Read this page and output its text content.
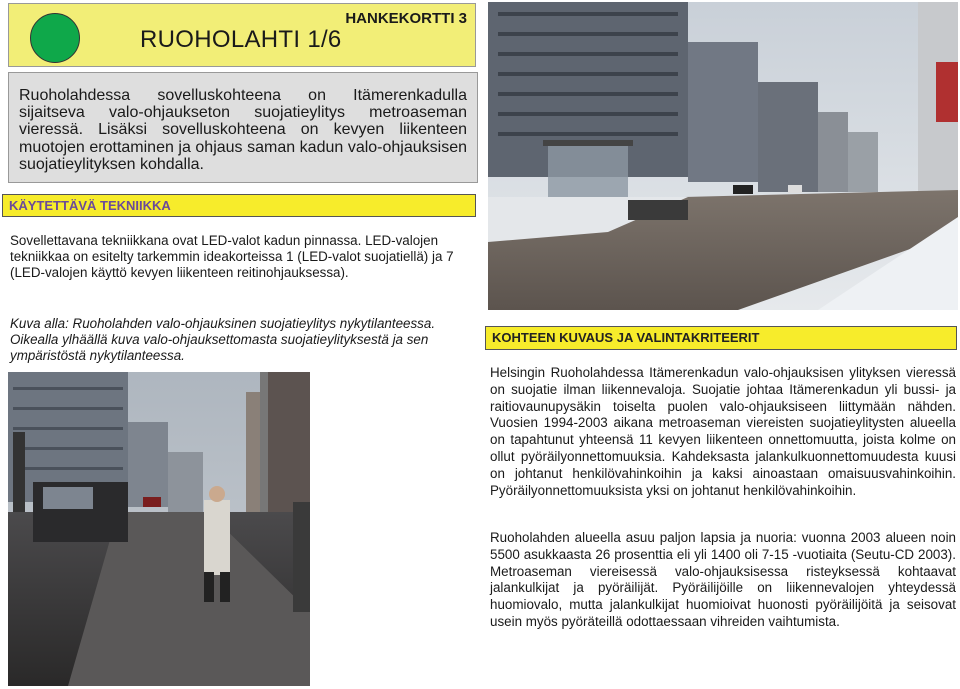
HANKEKORTTI 3
RUOHOLAHTI 1/6
Ruoholahdessa sovelluskohteena on Itämerenkadulla sijaitseva valo-ohjaukseton suojatieylitys metroaseman vieressä. Lisäksi sovelluskohteena on kevyen liikenteen muotojen erottaminen ja ohjaus saman kadun valo-ohjauksisen suojatieylityksen kohdalla.
KÄYTETTÄVÄ TEKNIIKKA
Sovellettavana tekniikkana ovat LED-valot kadun pinnassa. LED-valojen tekniikkaa on esitelty tarkemmin ideakorteissa 1 (LED-valot suojatiellä) ja 7 (LED-valojen käyttö kevyen liikenteen reitinohjauksessa).
Kuva alla: Ruoholahden valo-ohjauksinen suojatieylitys nykytilanteessa. Oikealla ylhäällä kuva valo-ohjauksettomasta suojatieylityksestä ja sen ympäristöstä nykytilanteessa.
KOHTEEN KUVAUS JA VALINTAKRITEERIT
Helsingin Ruoholahdessa Itämerenkadun valo-ohjauksisen ylityksen vieressä on suojatie ilman liikennevaloja. Suojatie johtaa Itämerenkadun yli bussi- ja raitiovaunupysäkin toiselta puolen valo-ohjauksiseen liittymään nähden. Vuosien 1994-2003 aikana metroaseman viereisten suojatieylitysten alueella on tapahtunut yhteensä 11 kevyen liikenteen onnettomuutta, joista kolme on ollut pyöräilyonnettomuuksia. Kahdeksasta jalankulkuonnettomuudesta kuusi on johtanut henkilövahinkoihin ja kaksi ainoastaan omaisuusvahinkoihin. Pyöräilyonnettomuuksista yksi on johtanut henkilövahinkoihin.
Ruoholahden alueella asuu paljon lapsia ja nuoria: vuonna 2003 alueen noin 5500 asukkaasta 26 prosenttia eli yli 1400 oli 7-15 -vuotiaita (Seutu-CD 2003). Metroaseman viereisessä valo-ohjauksisessa risteyksessä kohtaavat jalankulkijat ja pyöräilijät. Pyöräilijöille on liikennevalojen yhteydessä huomiovalo, mutta jalankulkijat huomioivat huonosti pyöräilijöitä ja seisovat usein myös pyöräteillä odottaessaan vihreiden vaihtumista.
